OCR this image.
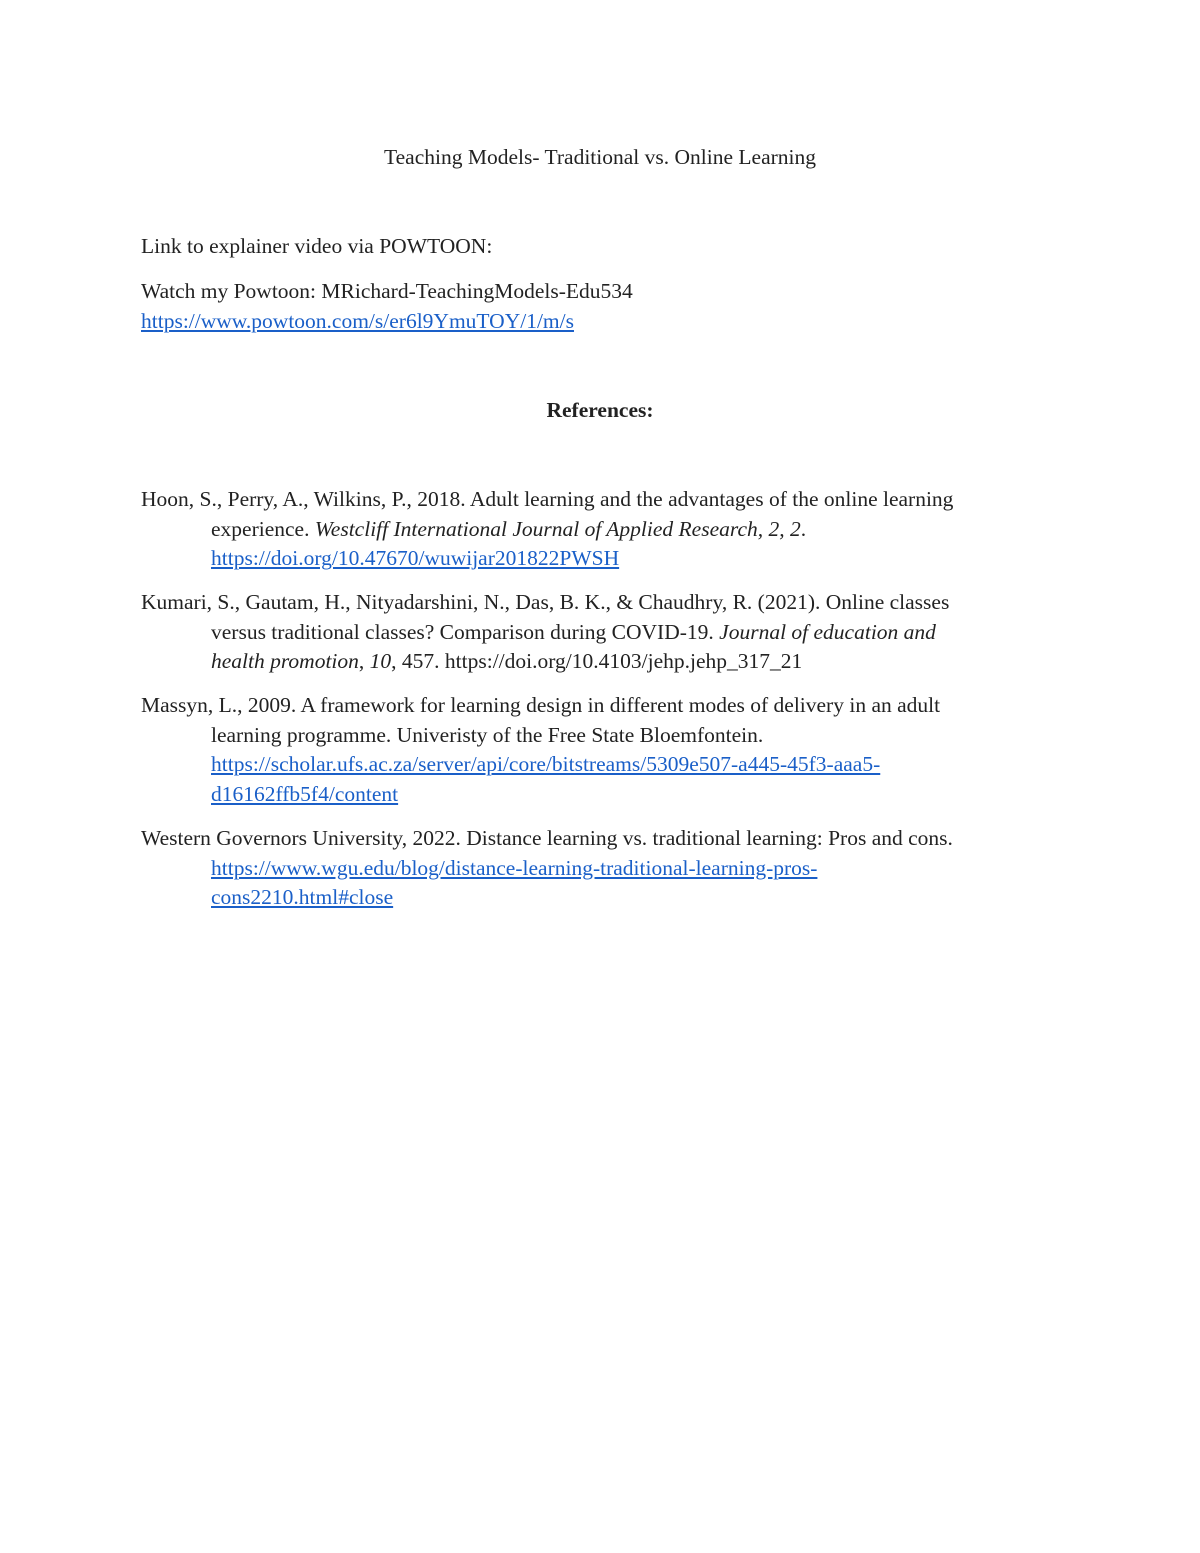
Teaching Models- Traditional vs. Online Learning
Link to explainer video via POWTOON:
Watch my Powtoon: MRichard-TeachingModels-Edu534
https://www.powtoon.com/s/er6l9YmuTOY/1/m/s
References:
Hoon, S., Perry, A., Wilkins, P., 2018. Adult learning and the advantages of the online learning
experience. Westcliff International Journal of Applied Research, 2, 2.
https://doi.org/10.47670/wuwijar201822PWSH
Kumari, S., Gautam, H., Nityadarshini, N., Das, B. K., & Chaudhry, R. (2021). Online classes
versus traditional classes? Comparison during COVID-19. Journal of education and
health promotion, 10, 457. https://doi.org/10.4103/jehp.jehp_317_21
Massyn, L., 2009. A framework for learning design in different modes of delivery in an adult
learning programme. Univeristy of the Free State Bloemfontein.
https://scholar.ufs.ac.za/server/api/core/bitstreams/5309e507-a445-45f3-aaa5-
d16162ffb5f4/content
Western Governors University, 2022. Distance learning vs. traditional learning: Pros and cons.
https://www.wgu.edu/blog/distance-learning-traditional-learning-pros-
cons2210.html#close
